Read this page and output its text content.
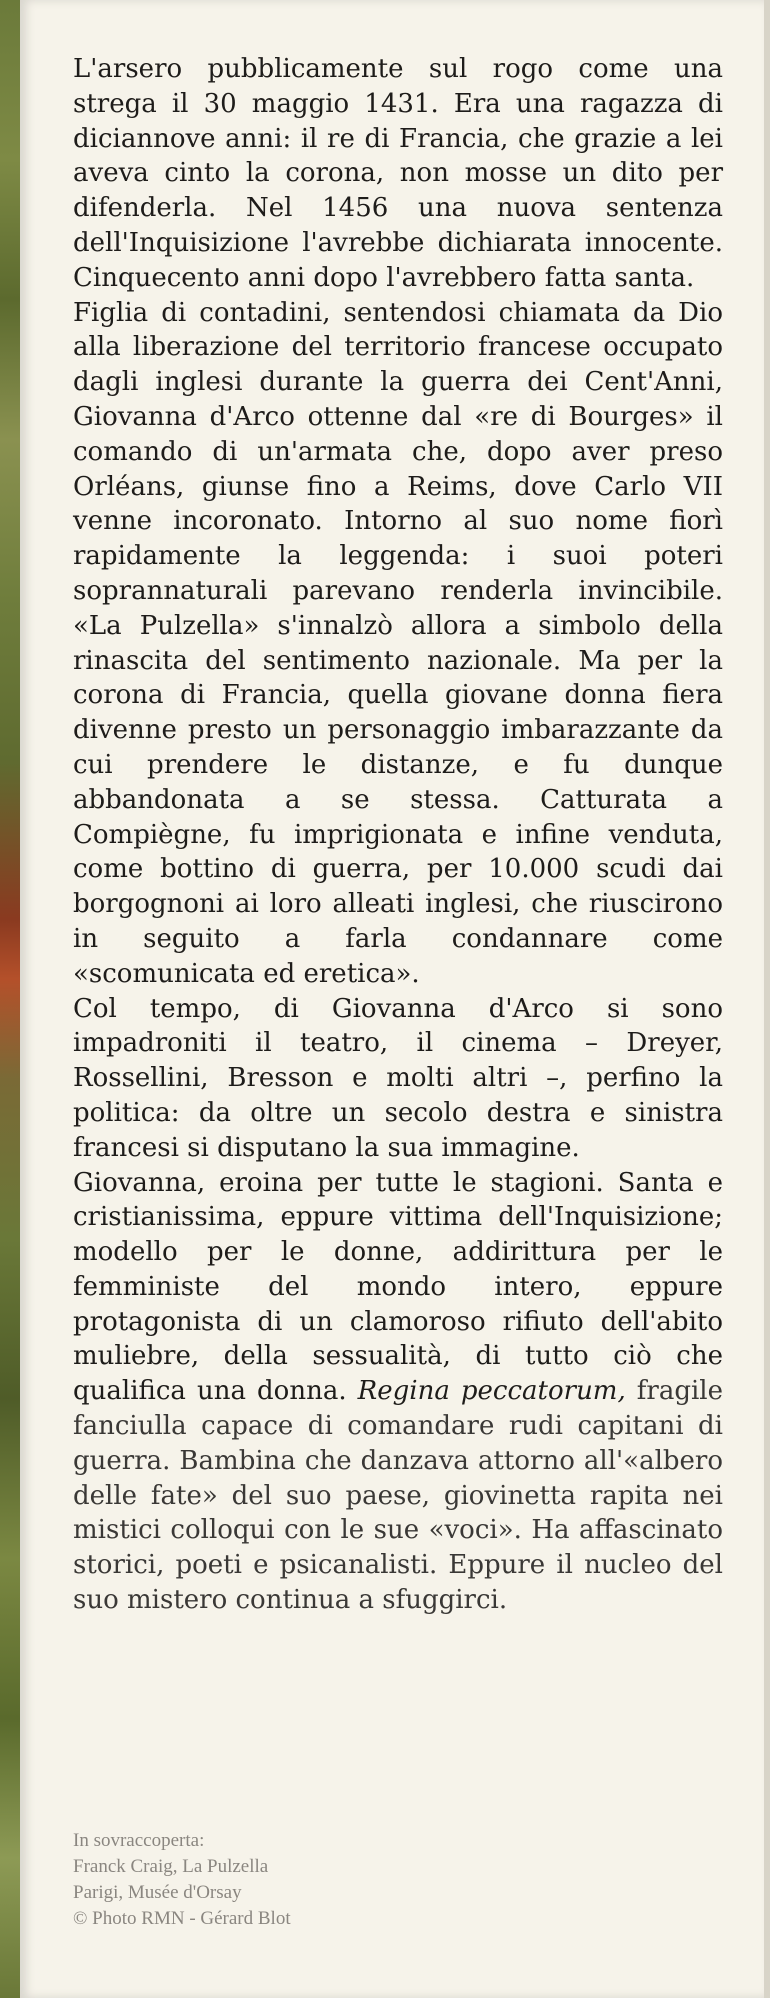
L'arsero pubblicamente sul rogo come una strega il 30 maggio 1431. Era una ragazza di diciannove anni: il re di Francia, che grazie a lei aveva cinto la corona, non mosse un dito per difenderla. Nel 1456 una nuova sentenza dell'Inquisizione l'avrebbe dichiarata innocente. Cinquecento anni dopo l'avrebbero fatta santa.

Figlia di contadini, sentendosi chiamata da Dio alla liberazione del territorio francese occupato dagli inglesi durante la guerra dei Cent'Anni, Giovanna d'Arco ottenne dal «re di Bourges» il comando di un'armata che, dopo aver preso Orléans, giunse fino a Reims, dove Carlo VII venne incoronato. Intorno al suo nome fiorì rapidamente la leggenda: i suoi poteri soprannaturali parevano renderla invincibile. «La Pulzella» s'innalzò allora a simbolo della rinascita del sentimento nazionale. Ma per la corona di Francia, quella giovane donna fiera divenne presto un personaggio imbarazzante da cui prendere le distanze, e fu dunque abbandonata a se stessa. Catturata a Compiègne, fu imprigionata e infine venduta, come bottino di guerra, per 10.000 scudi dai borgognoni ai loro alleati inglesi, che riuscirono in seguito a farla condannare come «scomunicata ed eretica».

Col tempo, di Giovanna d'Arco si sono impadroniti il teatro, il cinema – Dreyer, Rossellini, Bresson e molti altri –, perfino la politica: da oltre un secolo destra e sinistra francesi si disputano la sua immagine.

Giovanna, eroina per tutte le stagioni. Santa e cristianissima, eppure vittima dell'Inquisizione; modello per le donne, addirittura per le femministe del mondo intero, eppure protagonista di un clamoroso rifiuto dell'abito muliebre, della sessualità, di tutto ciò che qualifica una donna. Regina peccatorum, fragile fanciulla capace di comandare rudi capitani di guerra. Bambina che danzava attorno all'«albero delle fate» del suo paese, giovinetta rapita nei mistici colloqui con le sue «voci». Ha affascinato storici, poeti e psicanalisti. Eppure il nucleo del suo mistero continua a sfuggirci.

In sovraccoperta:
Franck Craig, La Pulzella
Parigi, Musée d'Orsay
© Photo RMN - Gérard Blot
